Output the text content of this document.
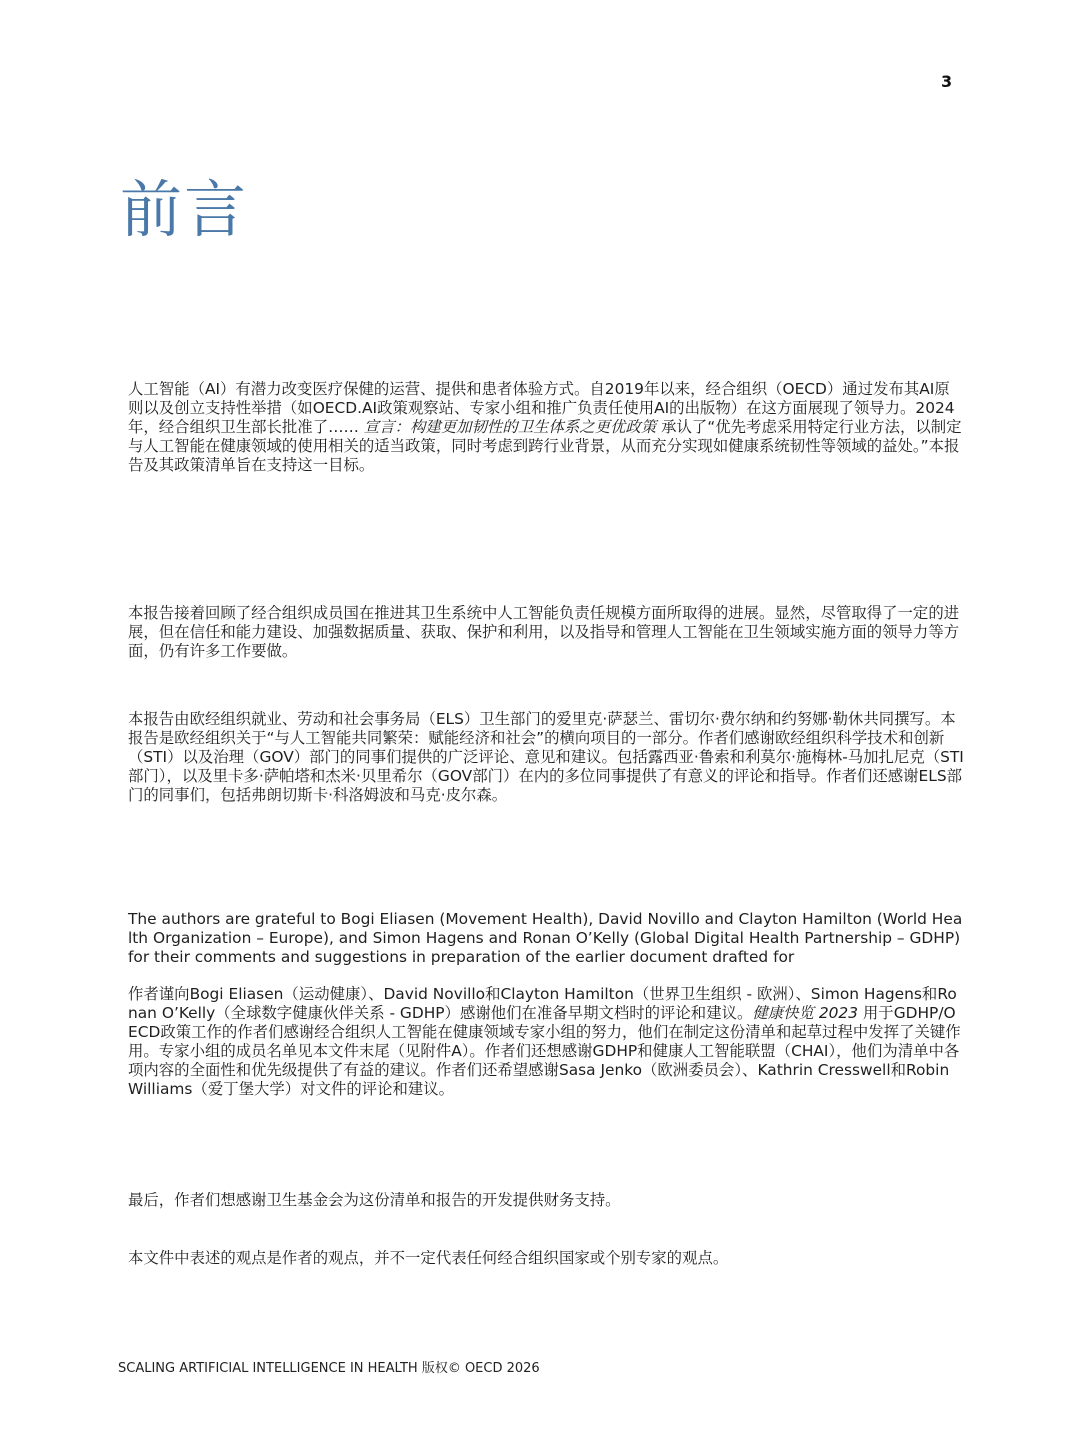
3
前言

人工智能（AI）有潜力改变医疗保健的运营、提供和患者体验方式。自2019年以来，经合组织（OECD）通过发布其AI原则以及创立支持性举措（如OECD.AI政策观察站、专家小组和推广负责任使用AI的出版物）在这方面展现了领导力。2024年，经合组织卫生部长批准了…… 宣言：构建更加韧性的卫生体系之更优政策 承认了“优先考虑采用特定行业方法，以制定与人工智能在健康领域的使用相关的适当政策，同时考虑到跨行业背景，从而充分实现如健康系统韧性等领域的益处。”本报告及其政策清单旨在支持这一目标。

本报告接着回顾了经合组织成员国在推进其卫生系统中人工智能负责任规模方面所取得的进展。显然，尽管取得了一定的进展，但在信任和能力建设、加强数据质量、获取、保护和利用，以及指导和管理人工智能在卫生领域实施方面的领导力等方面，仍有许多工作要做。

本报告由欧经组织就业、劳动和社会事务局（ELS）卫生部门的爱里克·萨瑟兰、雷切尔·费尔纳和约努娜·勒休共同撰写。本报告是欧经组织关于“与人工智能共同繁荣：赋能经济和社会”的横向项目的一部分。作者们感谢欧经组织科学技术和创新（STI）以及治理（GOV）部门的同事们提供的广泛评论、意见和建议。包括露西亚·鲁索和利莫尔·施梅林-马加扎尼克（STI部门），以及里卡多·萨帕塔和杰米·贝里希尔（GOV部门）在内的多位同事提供了有意义的评论和指导。作者们还感谢ELS部门的同事们，包括弗朗切斯卡·科洛姆波和马克·皮尔森。

The authors are grateful to Bogi Eliasen (Movement Health), David Novillo and Clayton Hamilton (World Health Organization – Europe), and Simon Hagens and Ronan O’Kelly (Global Digital Health Partnership – GDHP) for their comments and suggestions in preparation of the earlier document drafted for

作者谨向Bogi Eliasen（运动健康）、David Novillo和Clayton Hamilton（世界卫生组织 - 欧洲）、Simon Hagens和Ronan O’Kelly（全球数字健康伙伴关系 - GDHP）感谢他们在准备早期文档时的评论和建议。健康快览 2023 用于GDHP/OECD政策工作的作者们感谢经合组织人工智能在健康领域专家小组的努力，他们在制定这份清单和起草过程中发挥了关键作用。专家小组的成员名单见本文件末尾（见附件A）。作者们还想感谢GDHP和健康人工智能联盟（CHAI），他们为清单中各项内容的全面性和优先级提供了有益的建议。作者们还希望感谢Sasa Jenko（欧洲委员会）、Kathrin Cresswell和Robin Williams（爱丁堡大学）对文件的评论和建议。

最后，作者们想感谢卫生基金会为这份清单和报告的开发提供财务支持。

本文件中表述的观点是作者的观点，并不一定代表任何经合组织国家或个别专家的观点。

SCALING ARTIFICIAL INTELLIGENCE IN HEALTH 版权© OECD 2026
